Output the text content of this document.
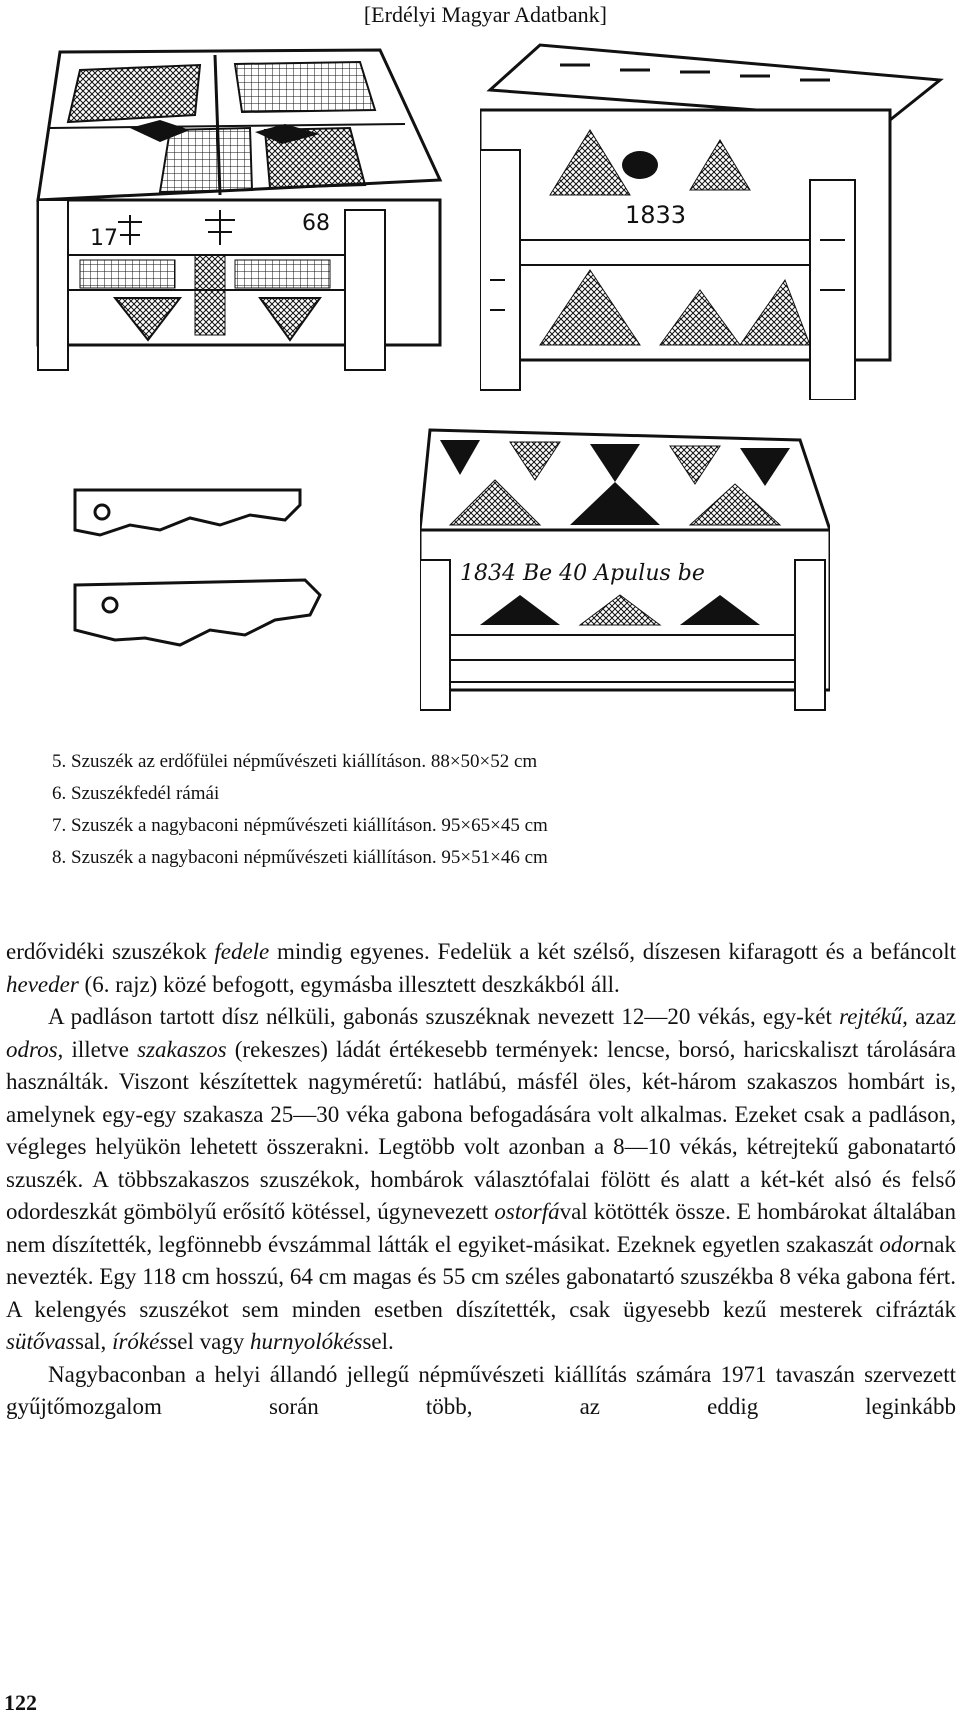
[Erdélyi Magyar Adatbank]
17
68	1833
1834 Be 40 Apulus be
5. Szuszék az erdőfülei népművészeti kiállításon. 88×50×52 cm
6. Szuszékfedél rámái
7. Szuszék a nagybaconi népművészeti kiállításon. 95×65×45 cm
8. Szuszék a nagybaconi népművészeti kiállításon. 95×51×46 cm

erdővidéki szuszékok fedele mindig egyenes. Fedelük a két szélső, díszesen kifaragott és a befáncolt heveder (6. rajz) közé befogott, egymásba illesztett deszkákból áll.

A padláson tartott dísz nélküli, gabonás szuszéknak nevezett 12—20 vékás, egy-két rejtékű, azaz odros, illetve szakaszos (rekeszes) ládát értékesebb termények: lencse, borsó, haricskaliszt tárolására használták. Viszont készítettek nagyméretű: hatlábú, másfél öles, két-három szakaszos hombárt is, amelynek egy-egy szakasza 25—30 véka gabona befogadására volt alkalmas. Ezeket csak a padláson, végleges helyükön lehetett összerakni. Legtöbb volt azonban a 8—10 vékás, kétrejtekű gabonatartó szuszék. A többszakaszos szuszékok, hombárok választófalai fölött és alatt a két-két alsó és felső odordeszkát gömbölyű erősítő kötéssel, úgynevezett ostorfával kötötték össze. E hombárokat általában nem díszítették, legfönnebb évszámmal látták el egyiket-másikat. Ezeknek egyetlen szakaszát odornak nevezték. Egy 118 cm hosszú, 64 cm magas és 55 cm széles gabonatartó szuszékba 8 véka gabona fért. A kelengyés szuszékot sem minden esetben díszítették, csak ügyesebb kezű mesterek cifrázták sütővassal, írókéssel vagy hurnyolókéssel.

Nagybaconban a helyi állandó jellegű népművészeti kiállítás számára 1971 tavaszán szervezett gyűjtőmozgalom során több, az eddig leginkább

122
